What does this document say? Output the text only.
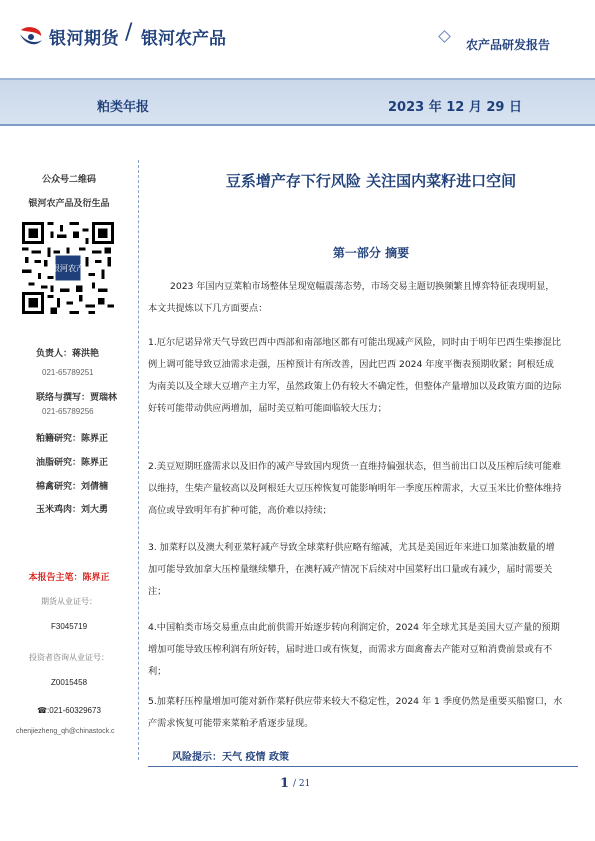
银河期货 / 银河农产品	农产品研发报告
粕类年报	2023 年 12 月 29 日
公众号二维码
银河农产品及衍生品
银河农产
负责人：蒋洪艳
021-65789251
联络与撰写：贾瑞林
021-65789256
粕籍研究：陈界正
油脂研究：陈界正
棉禽研究：刘倩楠
玉米鸡肉：刘大勇
本报告主笔：陈界正
期货从业证号：
F3045719
投资者咨询从业证号：
Z0015458
☎:021-60329673
chenjiezheng_qh@chinastock.c
豆系增产存下行风险 关注国内菜籽进口空间
第一部分 摘要
2023 年国内豆菜粕市场整体呈现宽幅震荡态势，市场交易主题切换频繁且博弈特征表现明显，本文共提炼以下几方面要点：
1.厄尔尼诺异常天气导致巴西中西部和南部地区都有可能出现减产风险，同时由于明年巴西生柴掺混比例上调可能导致豆油需求走强，压榨预计有所改善，因此巴西 2024 年度平衡表预期收紧；阿根廷成为南美以及全球大豆增产主力军，虽然政策上仍有较大不确定性，但整体产量增加以及政策方面的边际好转可能带动供应两增加，届时美豆粕可能面临较大压力；
2.美豆短期旺盛需求以及旧作的减产导致国内现货一直维持偏强状态，但当前出口以及压榨后续可能难以维持，生柴产量较高以及阿根廷大豆压榨恢复可能影响明年一季度压榨需求，大豆玉米比价整体维持高位或导致明年有扩种可能，高价难以持续；
3. 加菜籽以及澳大利亚菜籽减产导致全球菜籽供应略有缩减，尤其是美国近年来进口加菜油数量的增加可能导致加拿大压榨量继续攀升，在澳籽减产情况下后续对中国菜籽出口量或有减少，届时需要关注；
4.中国粕类市场交易重点由此前供需开始逐步转向利润定价，2024 年全球尤其是美国大豆产量的预期增加可能导致压榨利润有所好转，届时进口或有恢复，而需求方面禽畜去产能对豆粕消费前景或有不利；
5.加菜籽压榨量增加可能对新作菜籽供应带来较大不稳定性，2024 年 1 季度仍然是重要买船窗口，水产需求恢复可能带来菜粕矛盾逐步显现。
风险提示：天气 疫情 政策
1 / 21
